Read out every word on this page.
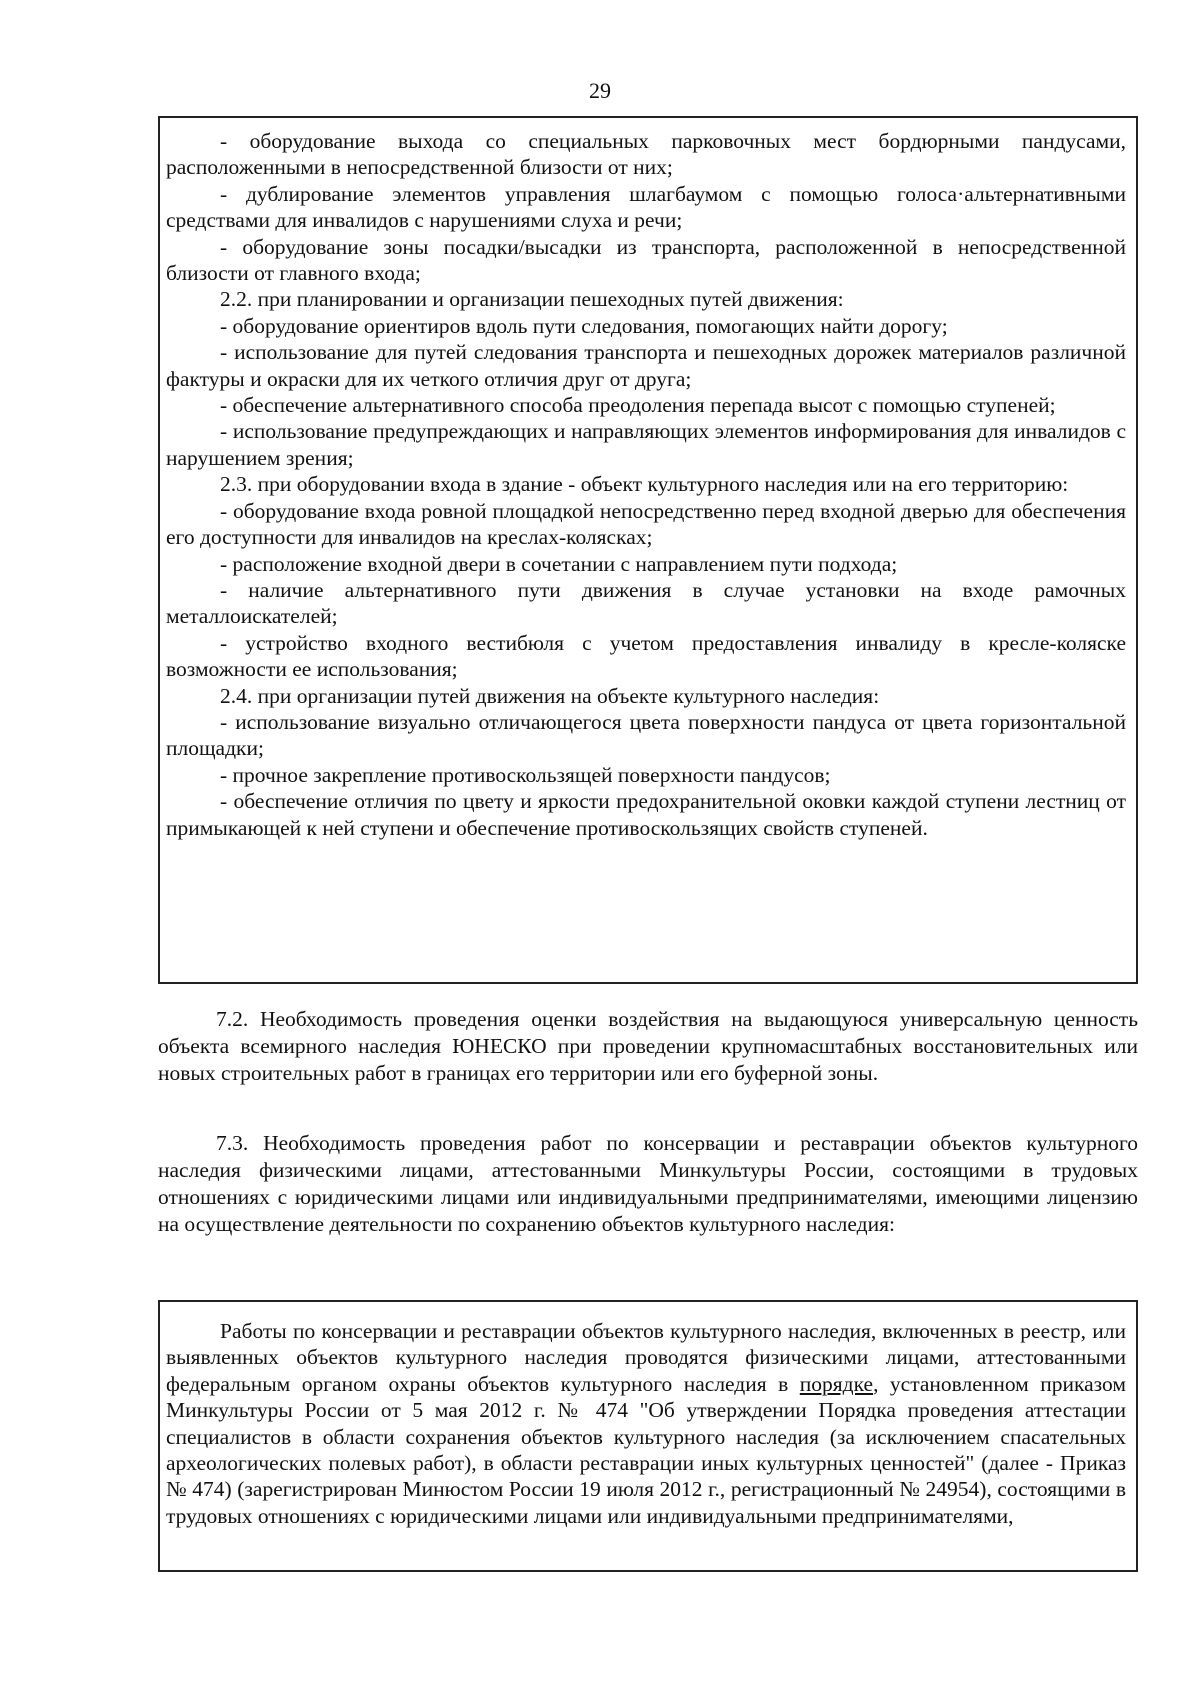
29

- оборудование выхода со специальных парковочных мест бордюрными пандусами, расположенными в непосредственной близости от них;

- дублирование элементов управления шлагбаумом с помощью голоса·альтернативными средствами для инвалидов с нарушениями слуха и речи;

- оборудование зоны посадки/высадки из транспорта, расположенной в непосредственной близости от главного входа;

2.2. при планировании и организации пешеходных путей движения:

- оборудование ориентиров вдоль пути следования, помогающих найти дорогу;

- использование для путей следования транспорта и пешеходных дорожек материалов различной фактуры и окраски для их четкого отличия друг от друга;

- обеспечение альтернативного способа преодоления перепада высот с помощью ступеней;

- использование предупреждающих и направляющих элементов информирования для инвалидов с нарушением зрения;

2.3. при оборудовании входа в здание - объект культурного наследия или на его территорию:

- оборудование входа ровной площадкой непосредственно перед входной дверью для обеспечения его доступности для инвалидов на креслах-колясках;

- расположение входной двери в сочетании с направлением пути подхода;

- наличие альтернативного пути движения в случае установки на входе рамочных металлоискателей;

- устройство входного вестибюля с учетом предоставления инвалиду в кресле-коляске возможности ее использования;

2.4. при организации путей движения на объекте культурного наследия:

- использование визуально отличающегося цвета поверхности пандуса от цвета горизонтальной площадки;

- прочное закрепление противоскользящей поверхности пандусов;

- обеспечение отличия по цвету и яркости предохранительной оковки каждой ступени лестниц от примыкающей к ней ступени и обеспечение противоскользящих свойств ступеней.

7.2. Необходимость проведения оценки воздействия на выдающуюся универсальную ценность объекта всемирного наследия ЮНЕСКО при проведении крупномасштабных восстановительных или новых строительных работ в границах его территории или его буферной зоны.

7.3. Необходимость проведения работ по консервации и реставрации объектов культурного наследия физическими лицами, аттестованными Минкультуры России, состоящими в трудовых отношениях с юридическими лицами или индивидуальными предпринимателями, имеющими лицензию на осуществление деятельности по сохранению объектов культурного наследия:

Работы по консервации и реставрации объектов культурного наследия, включенных в реестр, или выявленных объектов культурного наследия проводятся физическими лицами, аттестованными федеральным органом охраны объектов культурного наследия в порядке, установленном приказом Минкультуры России от 5 мая 2012 г. № 474 "Об утверждении Порядка проведения аттестации специалистов в области сохранения объектов культурного наследия (за исключением спасательных археологических полевых работ), в области реставрации иных культурных ценностей" (далее - Приказ № 474) (зарегистрирован Минюстом России 19 июля 2012 г., регистрационный № 24954), состоящими в трудовых отношениях с юридическими лицами или индивидуальными предпринимателями,
